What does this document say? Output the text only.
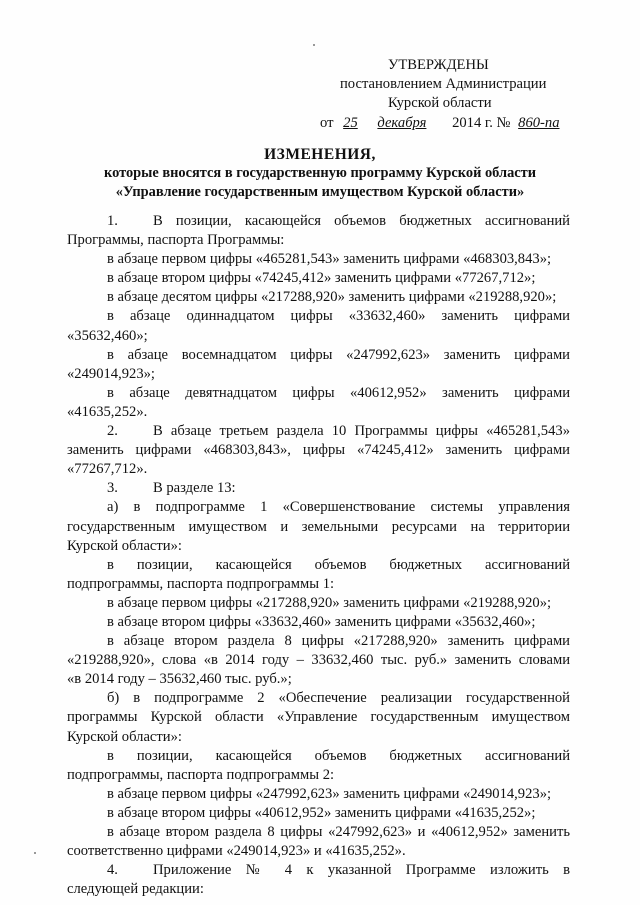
УТВЕРЖДЕНЫ
постановлением Администрации
Курской области
от 25 декабря 2014 г. № 860-па
ИЗМЕНЕНИЯ,
которые вносятся в государственную программу Курской области
«Управление государственным имуществом Курской области»
1. В позиции, касающейся объемов бюджетных ассигнований
Программы, паспорта Программы:
в абзаце первом цифры «465281,543» заменить цифрами «468303,843»;
в абзаце втором цифры «74245,412» заменить цифрами «77267,712»;
в абзаце десятом цифры «217288,920» заменить цифрами «219288,920»;
в абзаце одиннадцатом цифры «33632,460» заменить цифрами
«35632,460»;
в абзаце восемнадцатом цифры «247992,623» заменить цифрами
«249014,923»;
в абзаце девятнадцатом цифры «40612,952» заменить цифрами
«41635,252».
2. В абзаце третьем раздела 10 Программы цифры «465281,543»
заменить цифрами «468303,843», цифры «74245,412» заменить цифрами
«77267,712».
3. В разделе 13:
а) в подпрограмме 1 «Совершенствование системы управления
государственным имуществом и земельными ресурсами на территории
Курской области»:
в позиции, касающейся объемов бюджетных ассигнований
подпрограммы, паспорта подпрограммы 1:
в абзаце первом цифры «217288,920» заменить цифрами «219288,920»;
в абзаце втором цифры «33632,460» заменить цифрами «35632,460»;
в абзаце втором раздела 8 цифры «217288,920» заменить цифрами
«219288,920», слова «в 2014 году – 33632,460 тыс. руб.» заменить словами
«в 2014 году – 35632,460 тыс. руб.»;
б) в подпрограмме 2 «Обеспечение реализации государственной
программы Курской области «Управление государственным имуществом
Курской области»:
в позиции, касающейся объемов бюджетных ассигнований
подпрограммы, паспорта подпрограммы 2:
в абзаце первом цифры «247992,623» заменить цифрами «249014,923»;
в абзаце втором цифры «40612,952» заменить цифрами «41635,252»;
в абзаце втором раздела 8 цифры «247992,623» и «40612,952» заменить
соответственно цифрами «249014,923» и «41635,252».
4. Приложение № 4 к указанной Программе изложить в
следующей редакции:
